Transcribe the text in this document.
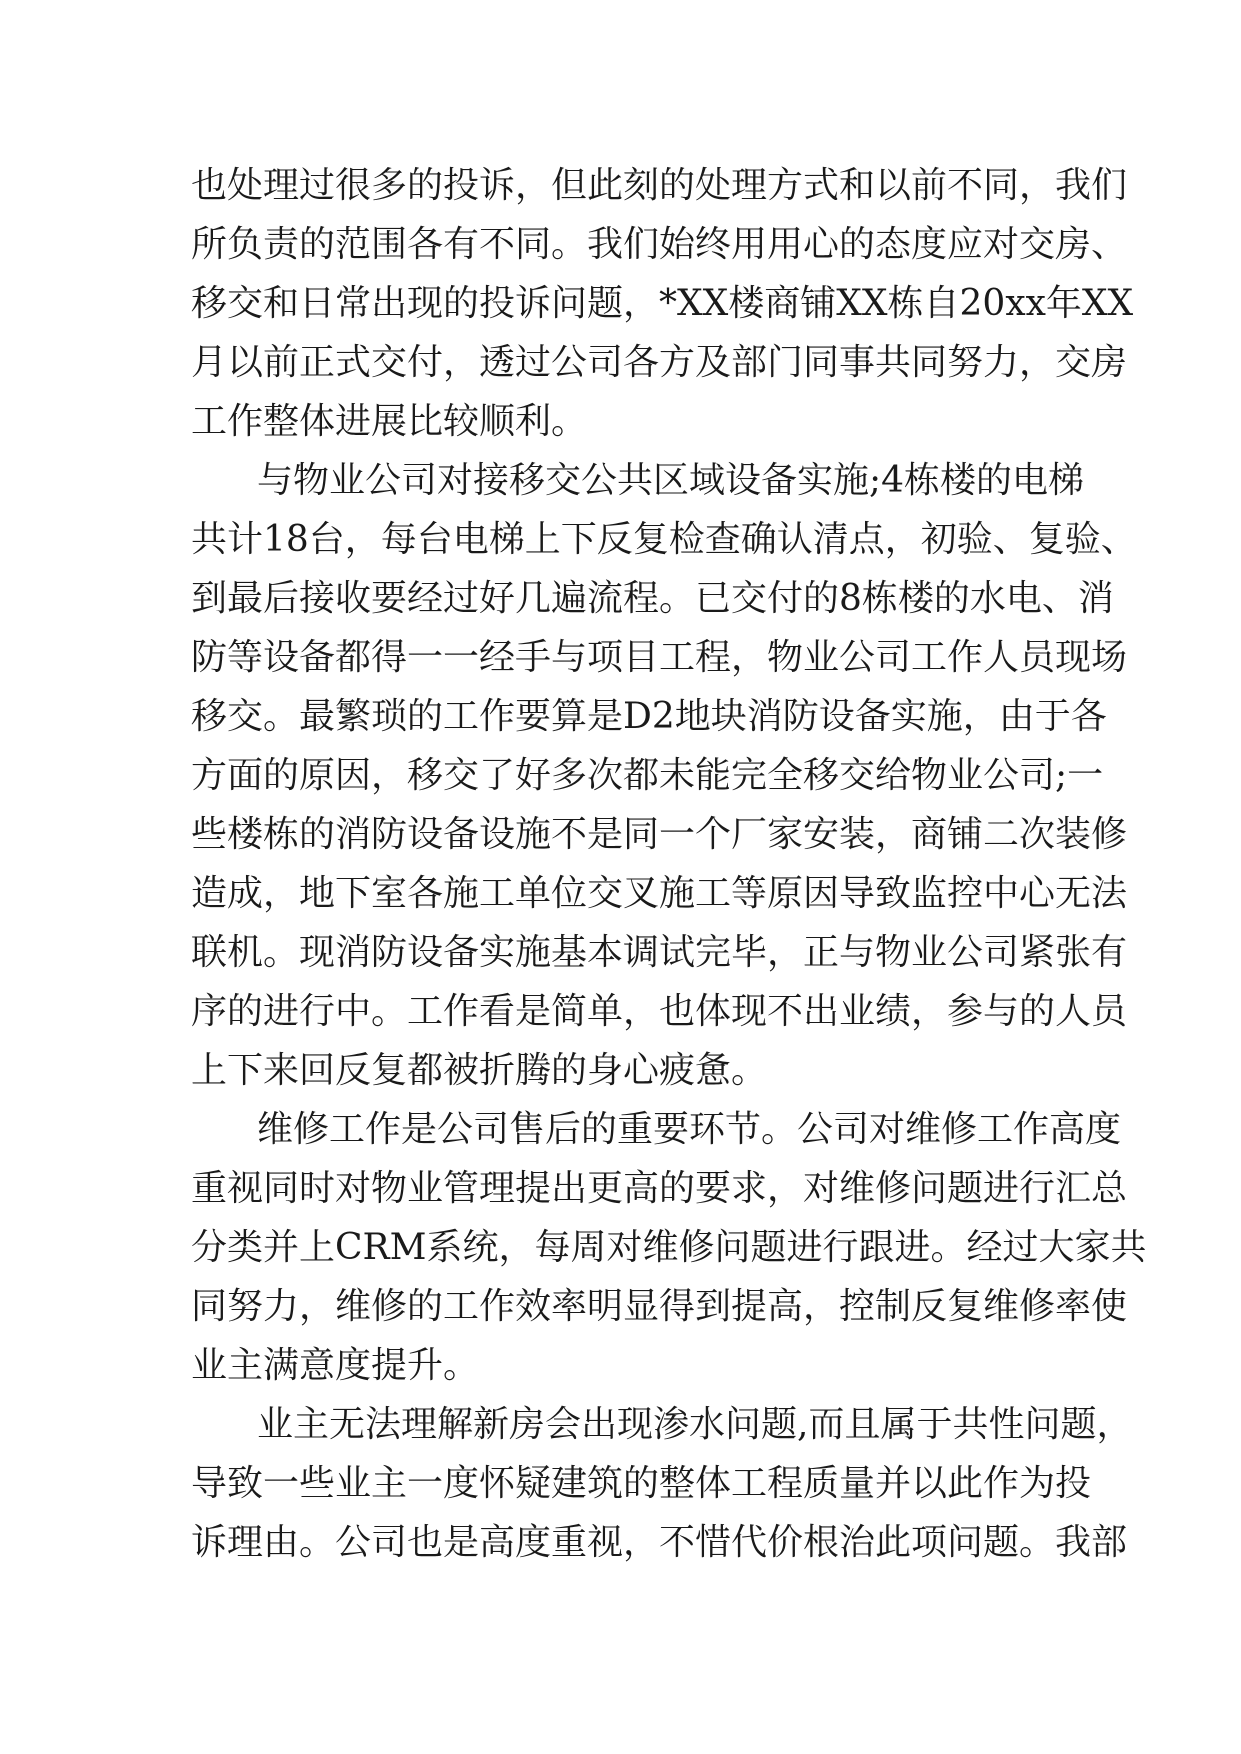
也处理过很多的投诉，但此刻的处理方式和以前不同，我们
所负责的范围各有不同。我们始终用用心的态度应对交房、
移交和日常出现的投诉问题，*XX楼商铺XX栋自20xx年XX
月以前正式交付，透过公司各方及部门同事共同努力，交房
工作整体进展比较顺利。
与物业公司对接移交公共区域设备实施;4栋楼的电梯
共计18台，每台电梯上下反复检查确认清点，初验、复验、
到最后接收要经过好几遍流程。已交付的8栋楼的水电、消
防等设备都得一一经手与项目工程，物业公司工作人员现场
移交。最繁琐的工作要算是D2地块消防设备实施，由于各
方面的原因，移交了好多次都未能完全移交给物业公司;一
些楼栋的消防设备设施不是同一个厂家安装，商铺二次装修
造成，地下室各施工单位交叉施工等原因导致监控中心无法
联机。现消防设备实施基本调试完毕，正与物业公司紧张有
序的进行中。工作看是简单，也体现不出业绩，参与的人员
上下来回反复都被折腾的身心疲惫。
维修工作是公司售后的重要环节。公司对维修工作高度
重视同时对物业管理提出更高的要求，对维修问题进行汇总
分类并上CRM系统，每周对维修问题进行跟进。经过大家共
同努力，维修的工作效率明显得到提高，控制反复维修率使
业主满意度提升。
业主无法理解新房会出现渗水问题,而且属于共性问题，
导致一些业主一度怀疑建筑的整体工程质量并以此作为投
诉理由。公司也是高度重视，不惜代价根治此项问题。我部
